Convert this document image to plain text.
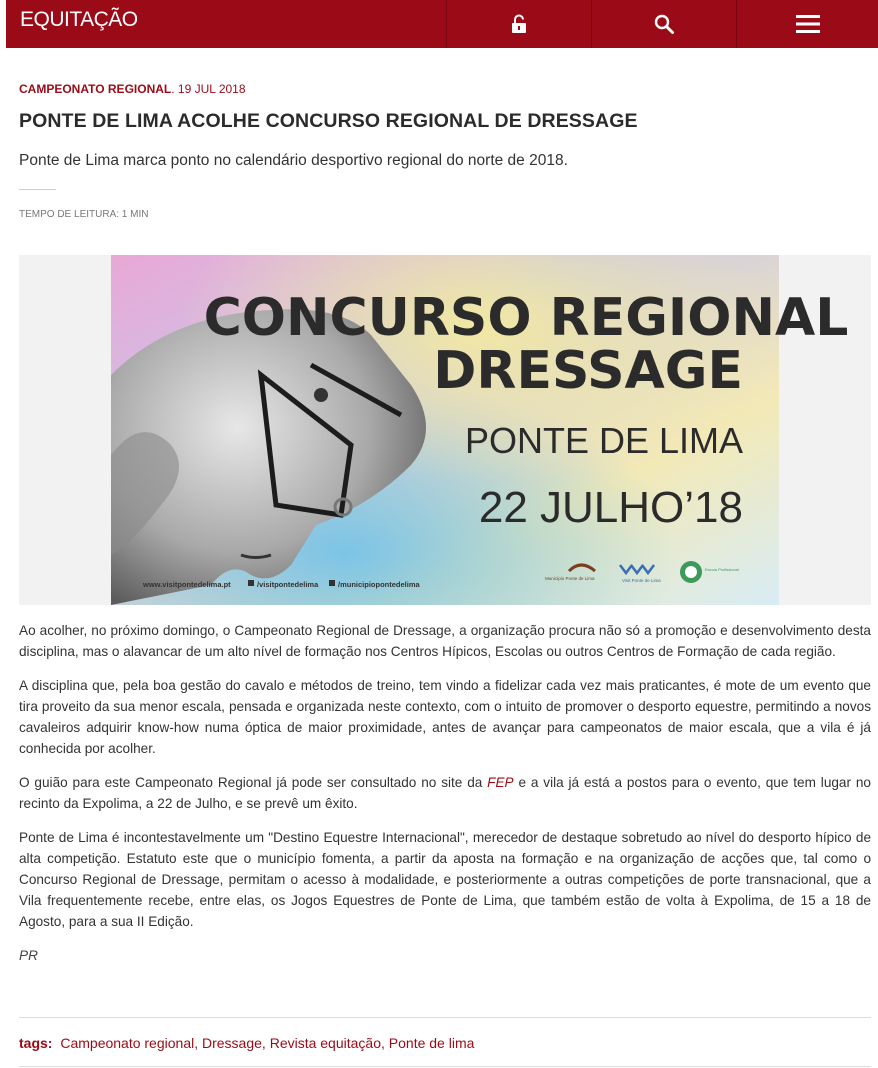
EQUITAÇÃO
CAMPEONATO REGIONAL. 19 JUL 2018
PONTE DE LIMA ACOLHE CONCURSO REGIONAL DE DRESSAGE

Ponte de Lima marca ponto no calendário desportivo regional do norte de 2018.

TEMPO DE LEITURA: 1 MIN
CONCURSO REGIONAL
DRESSAGE
PONTE DE LIMA
22 JULHO’18
www.visitpontedelima.pt	/visitpontedelima	/municipiopontedelima
Município Ponte de Lima	Visit Ponte de Lima
Escola Profissional

Ao acolher, no próximo domingo, o Campeonato Regional de Dressage, a organização procura não só a promoção e desenvolvimento desta disciplina, mas o alavancar de um alto nível de formação nos Centros Hípicos, Escolas ou outros Centros de Formação de cada região.

A disciplina que, pela boa gestão do cavalo e métodos de treino, tem vindo a fidelizar cada vez mais praticantes, é mote de um evento que tira proveito da sua menor escala, pensada e organizada neste contexto, com o intuito de promover o desporto equestre, permitindo a novos cavaleiros adquirir know-how numa óptica de maior proximidade, antes de avançar para campeonatos de maior escala, que a vila é já conhecida por acolher.

O guião para este Campeonato Regional já pode ser consultado no site da FEP e a vila já está a postos para o evento, que tem lugar no recinto da Expolima, a 22 de Julho, e se prevê um êxito.

Ponte de Lima é incontestavelmente um "Destino Equestre Internacional", merecedor de destaque sobretudo ao nível do desporto hípico de alta competição. Estatuto este que o município fomenta, a partir da aposta na formação e na organização de acções que, tal como o Concurso Regional de Dressage, permitam o acesso à modalidade, e posteriormente a outras competições de porte transnacional, que a Vila frequentemente recebe, entre elas, os Jogos Equestres de Ponte de Lima, que também estão de volta à Expolima, de 15 a 18 de Agosto, para a sua II Edição.

PR

tags: Campeonato regional, Dressage, Revista equitação, Ponte de lima
